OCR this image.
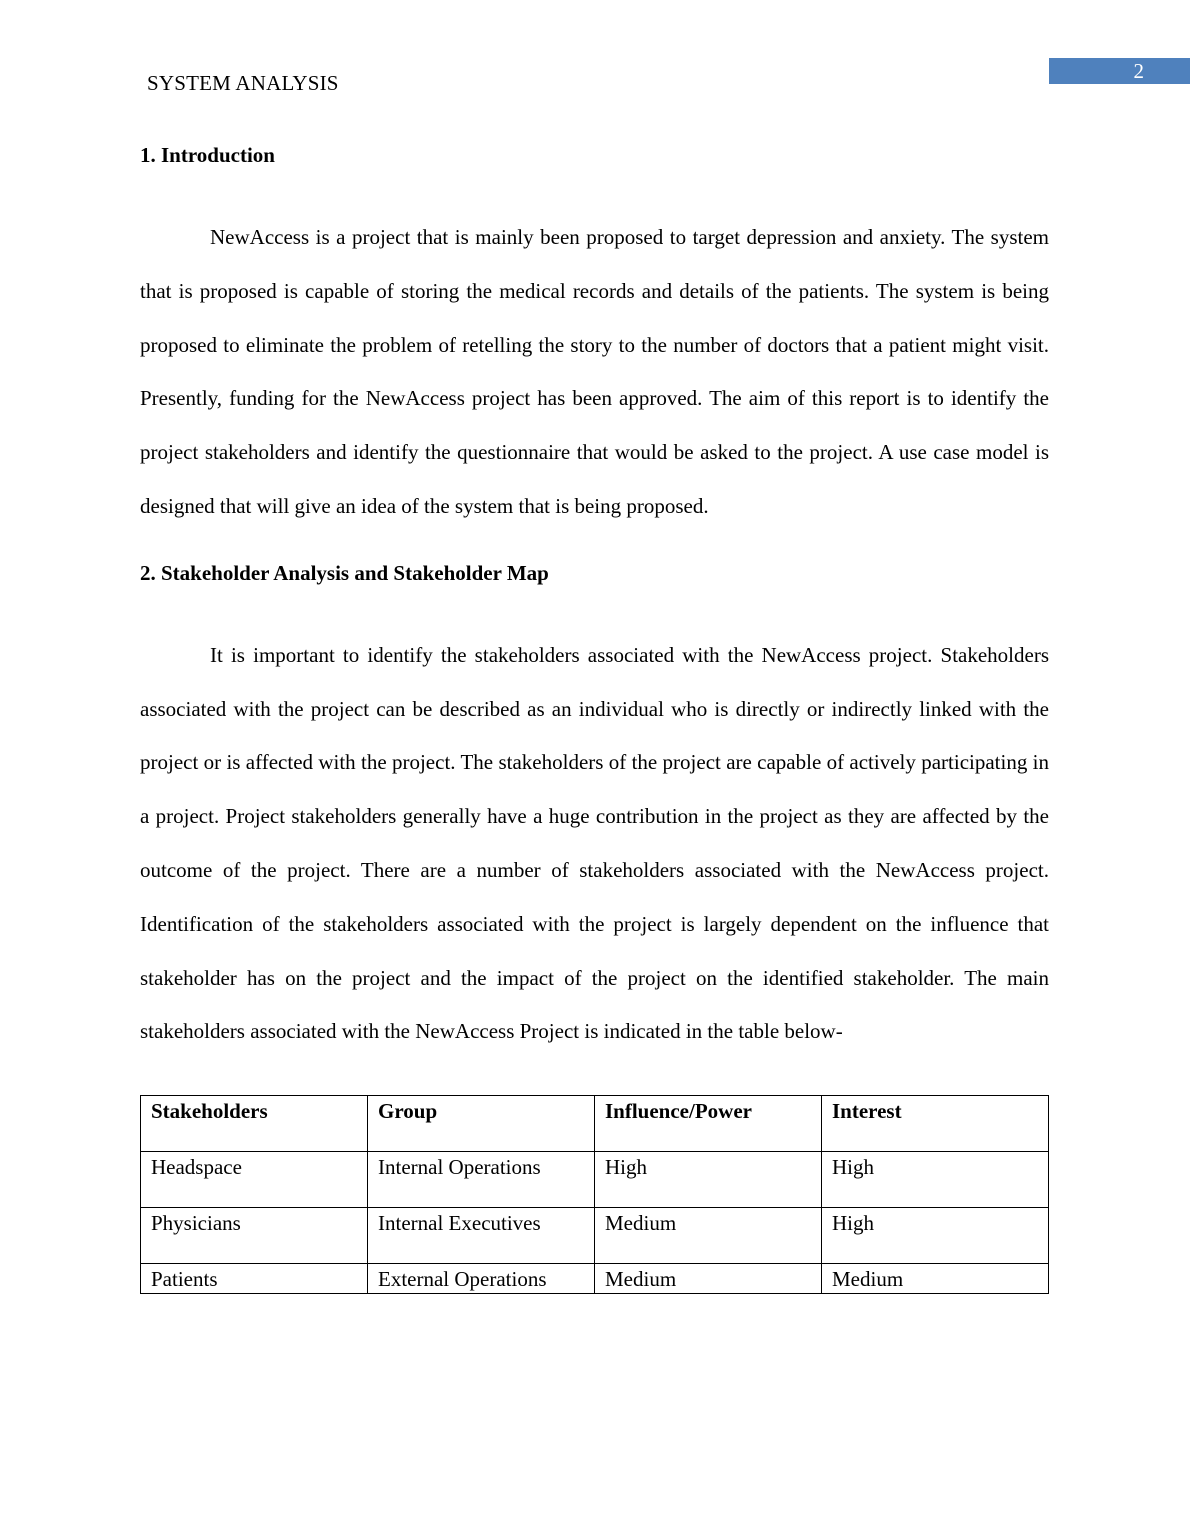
2
SYSTEM ANALYSIS
1. Introduction

NewAccess is a project that is mainly been proposed to target depression and anxiety. The system that is proposed is capable of storing the medical records and details of the patients. The system is being proposed to eliminate the problem of retelling the story to the number of doctors that a patient might visit. Presently, funding for the NewAccess project has been approved. The aim of this report is to identify the project stakeholders and identify the questionnaire that would be asked to the project. A use case model is designed that will give an idea of the system that is being proposed.

2. Stakeholder Analysis and Stakeholder Map

It is important to identify the stakeholders associated with the NewAccess project. Stakeholders associated with the project can be described as an individual who is directly or indirectly linked with the project or is affected with the project. The stakeholders of the project are capable of actively participating in a project. Project stakeholders generally have a huge contribution in the project as they are affected by the outcome of the project. There are a number of stakeholders associated with the NewAccess project. Identification of the stakeholders associated with the project is largely dependent on the influence that stakeholder has on the project and the impact of the project on the identified stakeholder. The main stakeholders associated with the NewAccess Project is indicated in the table below-

Stakeholders	Group	Influence/Power	Interest
Headspace	Internal Operations	High	High
Physicians	Internal Executives	Medium	High
Patients	External Operations	Medium	Medium
